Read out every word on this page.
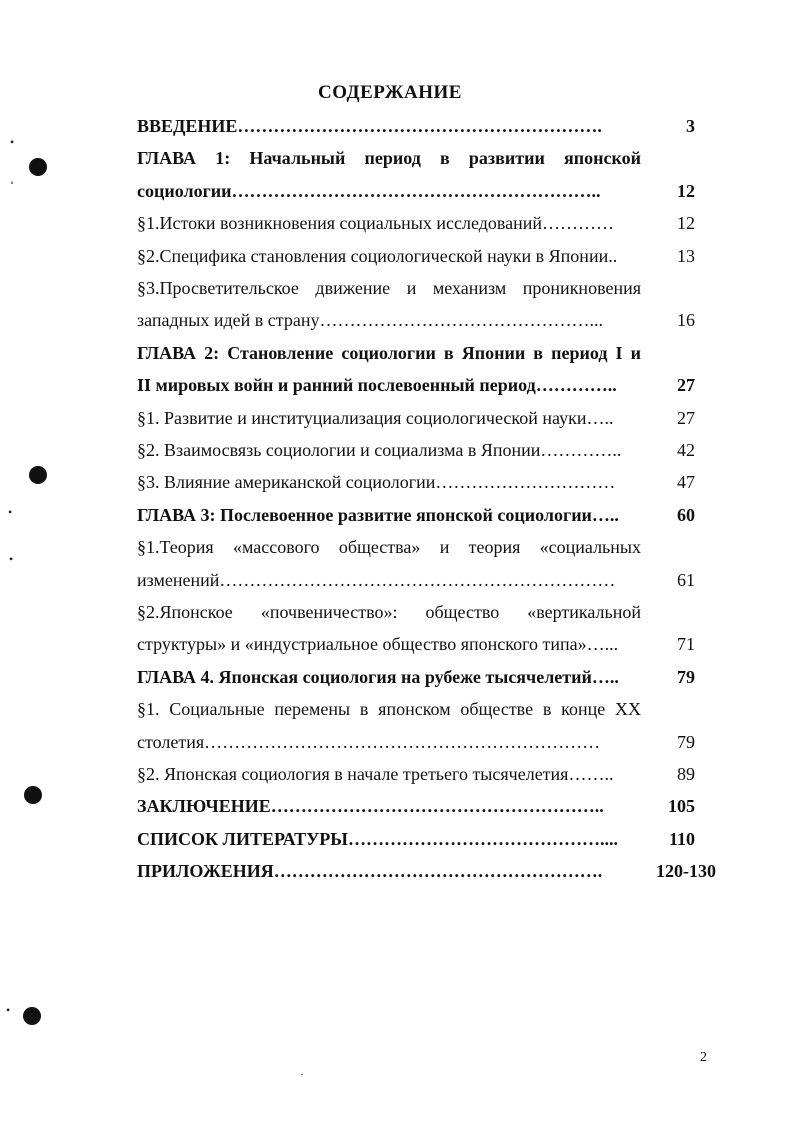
СОДЕРЖАНИЕ
ВВЕДЕНИЕ…………………………………………………….	3
ГЛАВА 1: Начальный период в развитии японской
социологии……………………………………………………..	12
§1.Истоки возникновения социальных исследований…………	12
§2.Специфика становления социологической науки в Японии..	13
§3.Просветительское движение и механизм проникновения
западных идей в страну………………………………………...	16
ГЛАВА 2: Становление социологии в Японии в период I и
II мировых войн и ранний послевоенный период…………..	27
§1. Развитие и институциализация социологической науки…..	27
§2. Взаимосвязь социологии и социализма в Японии…………..	42
§3. Влияние американской социологии…………………………	47
ГЛАВА 3: Послевоенное развитие японской социологии…..	60
§1.Теория «массового общества» и теория «социальных
изменений…………………………………………………………	61
§2.Японское «почвеничество»: общество «вертикальной
структуры» и «индустриальное общество японского типа»…...	71
ГЛАВА 4. Японская социология на рубеже тысячелетий…..	79
§1. Социальные перемены в японском обществе в конце XX
столетия…………………………………………………………	79
§2. Японская социология в начале третьего тысячелетия……..	89
ЗАКЛЮЧЕНИЕ………………………………………………..	105
СПИСОК ЛИТЕРАТУРЫ……………………………………....	110
ПРИЛОЖЕНИЯ……………………………………………….	120-130
2
•
˚
•
•
•
·
